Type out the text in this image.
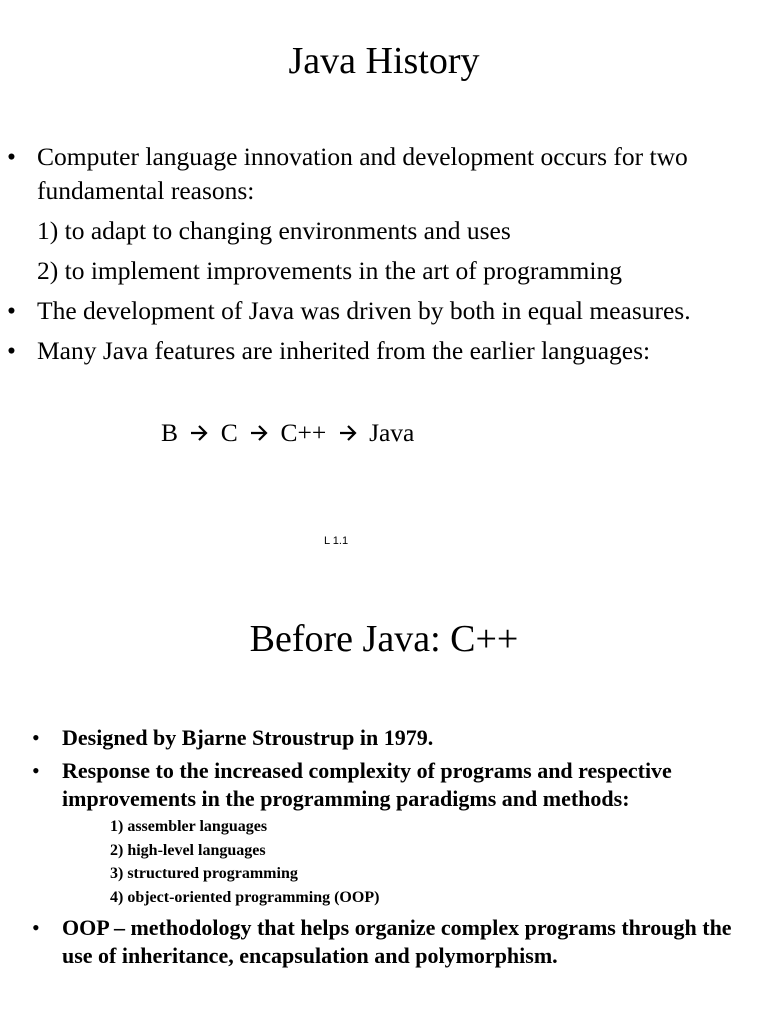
Java History
• Computer language innovation and development occurs for two fundamental reasons:
1) to adapt to changing environments and uses
2) to implement improvements in the art of programming
• The development of Java was driven by both in equal measures.
• Many Java features are inherited from the earlier languages:
B C C++ Java
L 1.1
Before Java: C++
• Designed by Bjarne Stroustrup in 1979.
• Response to the increased complexity of programs and respective improvements in the programming paradigms and methods:
1) assembler languages
2) high-level languages
3) structured programming
4) object-oriented programming (OOP)
• OOP – methodology that helps organize complex programs through the use of inheritance, encapsulation and polymorphism.
